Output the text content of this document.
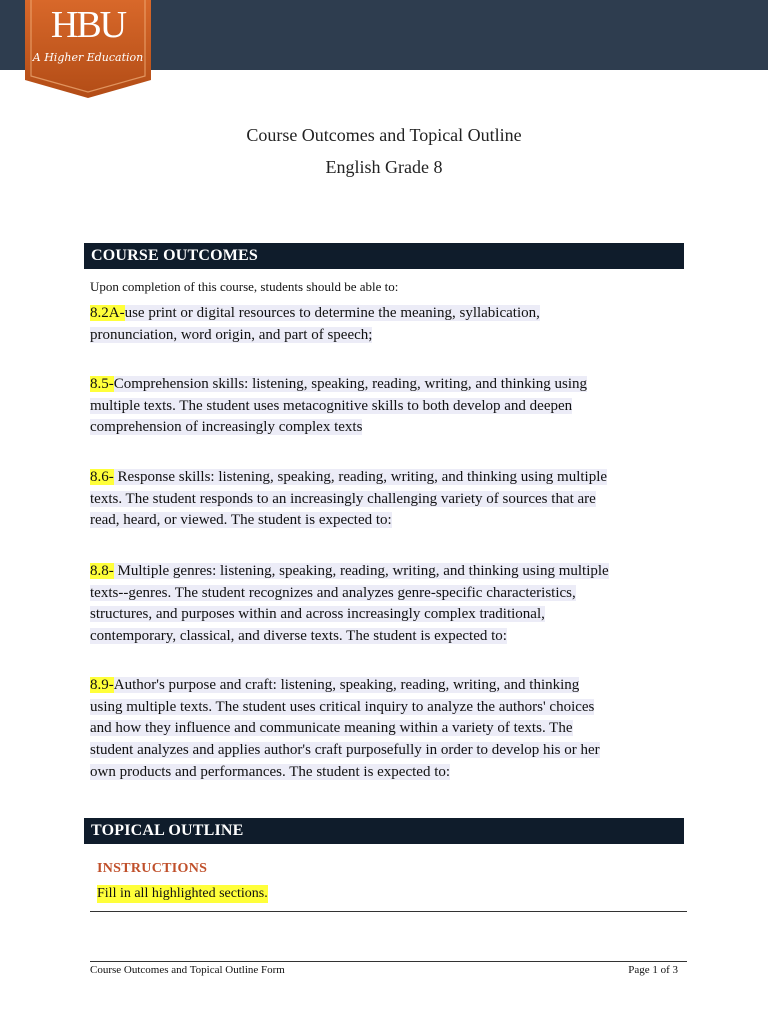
HBU
A Higher Education
Course Outcomes and Topical Outline
English Grade 8
COURSE OUTCOMES
Upon completion of this course, students should be able to:
8.2A-use print or digital resources to determine the meaning, syllabication,
pronunciation, word origin, and part of speech;
8.5-Comprehension skills: listening, speaking, reading, writing, and thinking using
multiple texts. The student uses metacognitive skills to both develop and deepen
comprehension of increasingly complex texts
8.6- Response skills: listening, speaking, reading, writing, and thinking using multiple
texts. The student responds to an increasingly challenging variety of sources that are
read, heard, or viewed. The student is expected to:
8.8- Multiple genres: listening, speaking, reading, writing, and thinking using multiple
texts--genres. The student recognizes and analyzes genre-specific characteristics,
structures, and purposes within and across increasingly complex traditional,
contemporary, classical, and diverse texts. The student is expected to:
8.9-Author's purpose and craft: listening, speaking, reading, writing, and thinking
using multiple texts. The student uses critical inquiry to analyze the authors' choices
and how they influence and communicate meaning within a variety of texts. The
student analyzes and applies author's craft purposefully in order to develop his or her
own products and performances. The student is expected to:
TOPICAL OUTLINE
INSTRUCTIONS
Fill in all highlighted sections.
Course Outcomes and Topical Outline Form	Page 1 of 3
